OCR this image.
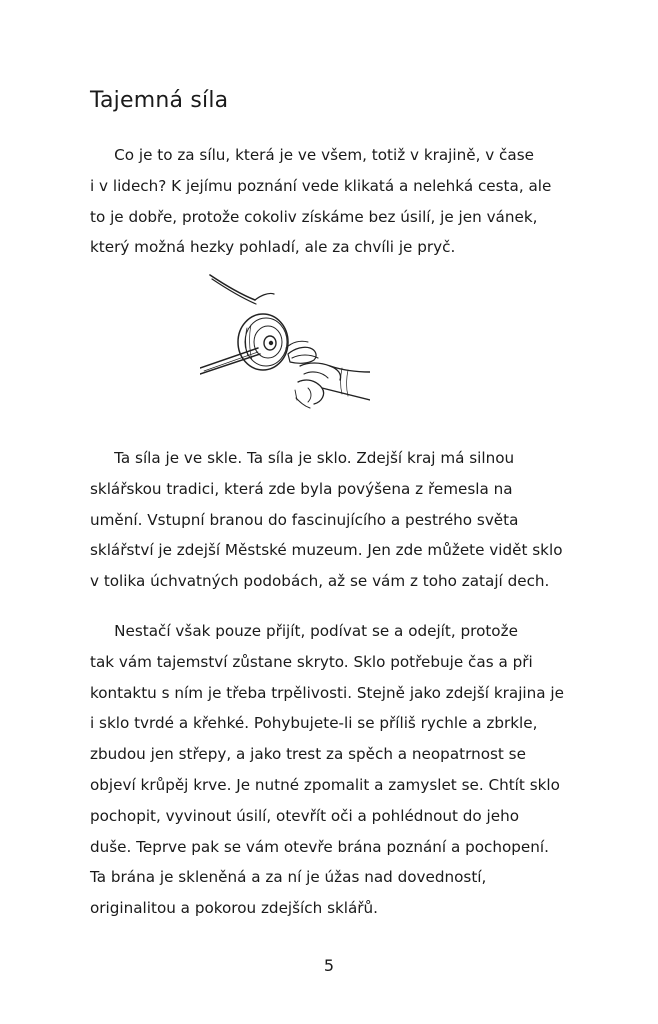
Tajemná síla
Co je to za sílu, která je ve všem, totiž v krajině, v čase
i v lidech? K jejímu poznání vede klikatá a nelehká cesta, ale
to je dobře, protože cokoliv získáme bez úsilí, je jen vánek,
který možná hezky pohladí, ale za chvíli je pryč.
Ta síla je ve skle. Ta síla je sklo. Zdejší kraj má silnou
sklářskou tradici, která zde byla povýšena z řemesla na
umění. Vstupní branou do fascinujícího a pestrého světa
sklářství je zdejší Městské muzeum. Jen zde můžete vidět sklo
v tolika úchvatných podobách, až se vám z toho zatají dech.
Nestačí však pouze přijít, podívat se a odejít, protože
tak vám tajemství zůstane skryto. Sklo potřebuje čas a při
kontaktu s ním je třeba trpělivosti. Stejně jako zdejší krajina je
i sklo tvrdé a křehké. Pohybujete-li se příliš rychle a zbrkle,
zbudou jen střepy, a jako trest za spěch a neopatrnost se
objeví krůpěj krve. Je nutné zpomalit a zamyslet se. Chtít sklo
pochopit, vyvinout úsilí, otevřít oči a pohlédnout do jeho
duše. Teprve pak se vám otevře brána poznání a pochopení.
Ta brána je skleněná a za ní je úžas nad dovedností,
originalitou a pokorou zdejších sklářů.

5
